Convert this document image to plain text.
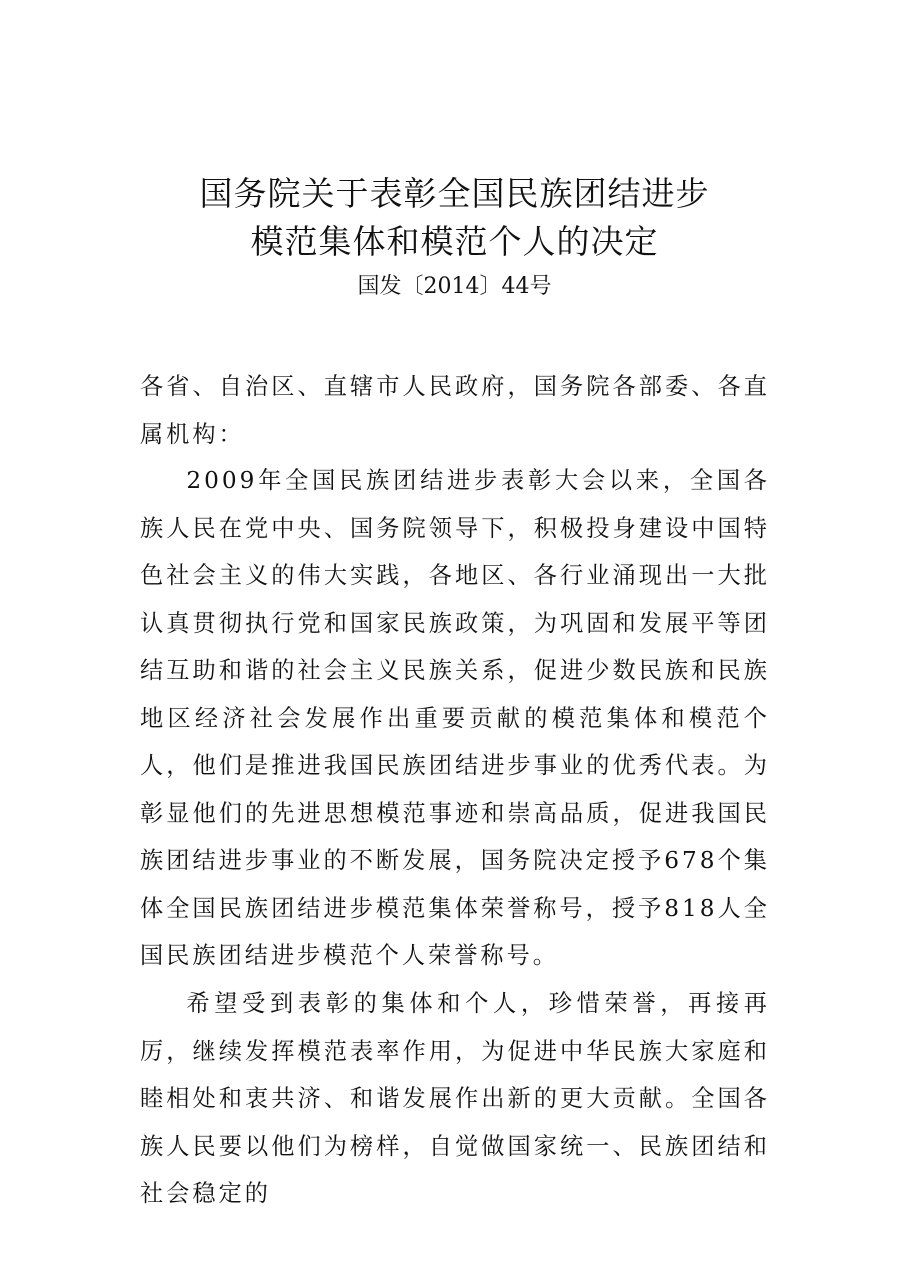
国务院关于表彰全国民族团结进步
模范集体和模范个人的决定
国发〔2014〕44号
各省、自治区、直辖市人民政府，国务院各部委、各直属机构：
2009年全国民族团结进步表彰大会以来，全国各族人民在党中央、国务院领导下，积极投身建设中国特色社会主义的伟大实践，各地区、各行业涌现出一大批认真贯彻执行党和国家民族政策，为巩固和发展平等团结互助和谐的社会主义民族关系，促进少数民族和民族地区经济社会发展作出重要贡献的模范集体和模范个人，他们是推进我国民族团结进步事业的优秀代表。为彰显他们的先进思想模范事迹和崇高品质，促进我国民族团结进步事业的不断发展，国务院决定授予678个集体全国民族团结进步模范集体荣誉称号，授予818人全国民族团结进步模范个人荣誉称号。
希望受到表彰的集体和个人，珍惜荣誉，再接再厉，继续发挥模范表率作用，为促进中华民族大家庭和睦相处和衷共济、和谐发展作出新的更大贡献。全国各族人民要以他们为榜样，自觉做国家统一、民族团结和社会稳定的
